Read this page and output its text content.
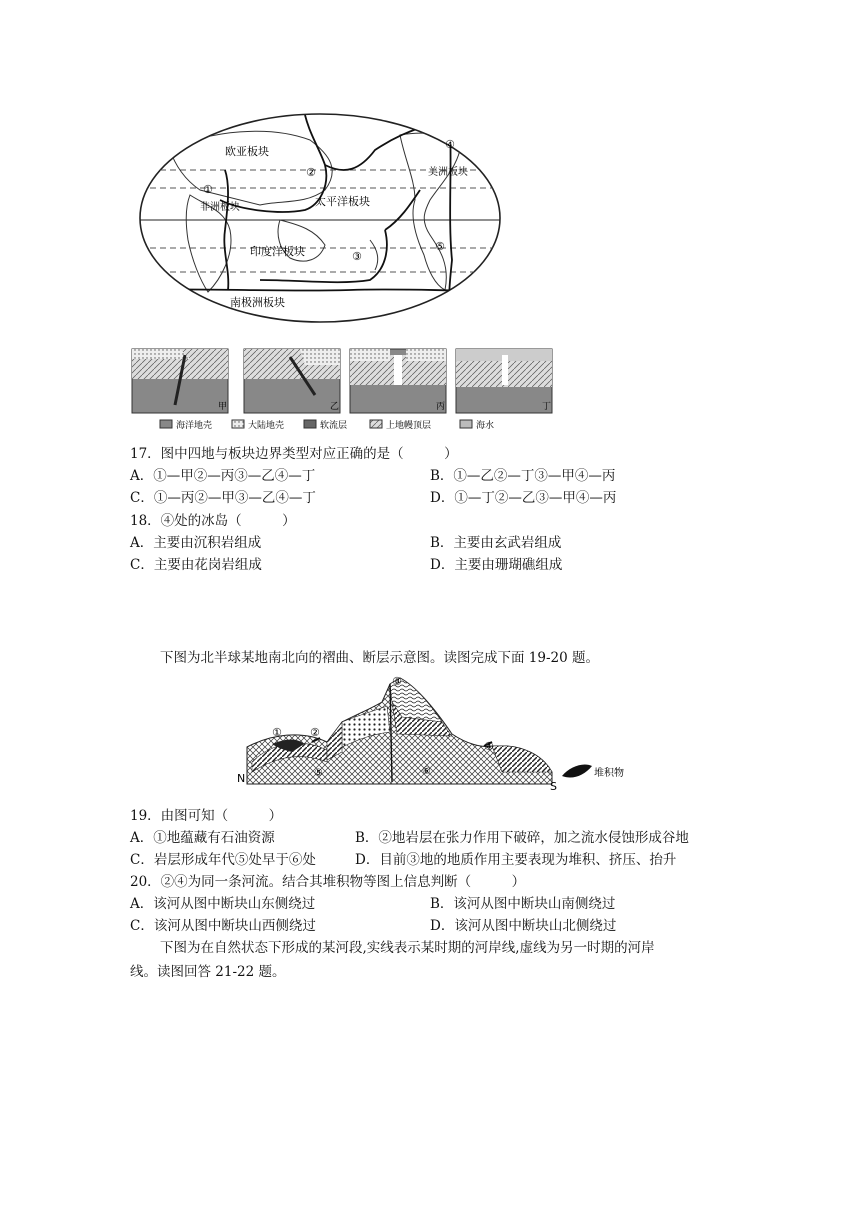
欧亚板块
非洲板块	太平洋板块
印度洋板块
美洲板块
南极洲板块
①
②
③
④
⑤
甲	乙	丙	丁
海洋地壳	大陆地壳	软流层	上地幔顶层	海水
17．图中四地与板块边界类型对应正确的是（　　　）
A．①—甲②—丙③—乙④—丁	B．①—乙②—丁③—甲④—丙
C．①—丙②—甲③—乙④—丁	D．①—丁②—乙③—甲④—丙
18．④处的冰岛（　　　）
A．主要由沉积岩组成	B．主要由玄武岩组成
C．主要由花岗岩组成	D．主要由珊瑚礁组成
下图为北半球某地南北向的褶曲、断层示意图。读图完成下面 19-20 题。
①	②
③
④
⑤	⑥
N
S
堆积物
19．由图可知（　　　）
A．①地蕴藏有石油资源	B．②地岩层在张力作用下破碎，加之流水侵蚀形成谷地
C．岩层形成年代⑤处早于⑥处	D．目前③地的地质作用主要表现为堆积、挤压、抬升
20．②④为同一条河流。结合其堆积物等图上信息判断（　　　）
A．该河从图中断块山东侧绕过	B．该河从图中断块山南侧绕过
C．该河从图中断块山西侧绕过	D．该河从图中断块山北侧绕过
下图为在自然状态下形成的某河段,实线表示某时期的河岸线,虚线为另一时期的河岸
线。读图回答 21-22 题。
